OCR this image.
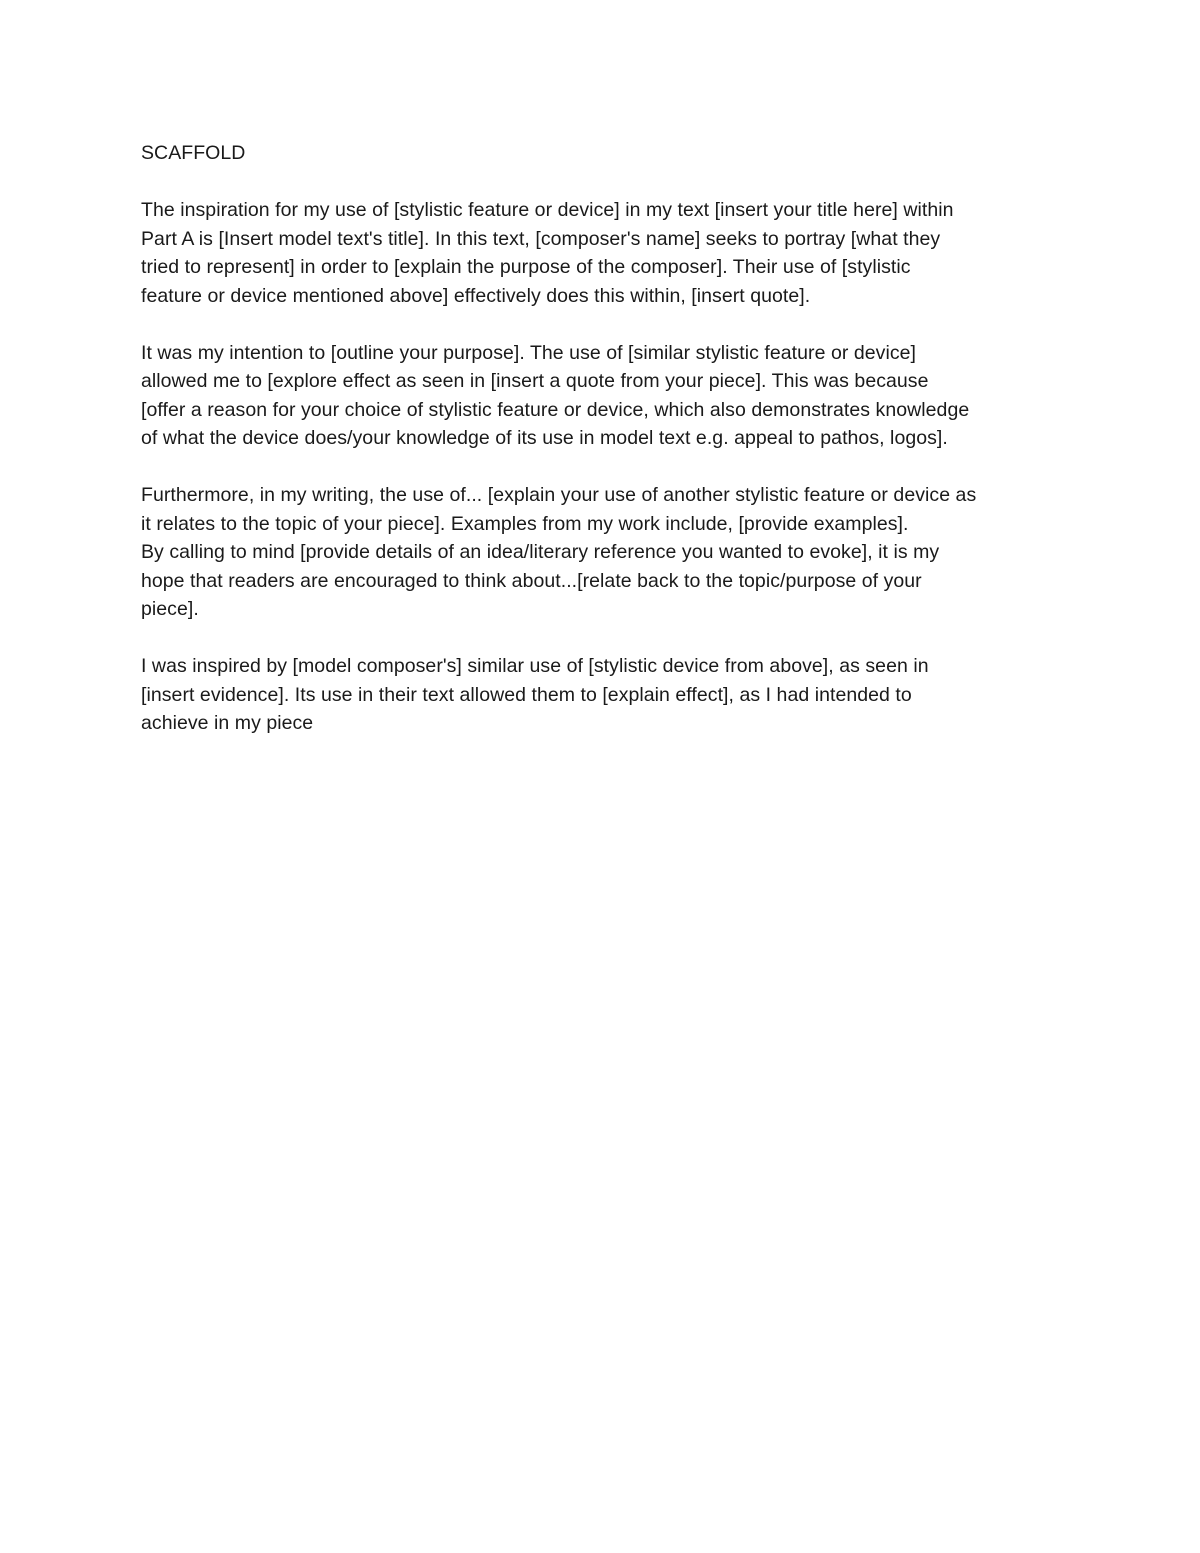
SCAFFOLD
The inspiration for my use of [stylistic feature or device] in my text [insert your title here] within
Part A is [Insert model text's title]. In this text, [composer's name] seeks to portray [what they
tried to represent] in order to [explain the purpose of the composer]. Their use of [stylistic
feature or device mentioned above] effectively does this within, [insert quote].
It was my intention to [outline your purpose]. The use of [similar stylistic feature or device]
allowed me to [explore effect as seen in [insert a quote from your piece]. This was because
[offer a reason for your choice of stylistic feature or device, which also demonstrates knowledge
of what the device does/your knowledge of its use in model text e.g. appeal to pathos, logos].
Furthermore, in my writing, the use of... [explain your use of another stylistic feature or device as
it relates to the topic of your piece]. Examples from my work include, [provide examples].
By calling to mind [provide details of an idea/literary reference you wanted to evoke], it is my
hope that readers are encouraged to think about...[relate back to the topic/purpose of your
piece].
I was inspired by [model composer's] similar use of [stylistic device from above], as seen in
[insert evidence]. Its use in their text allowed them to [explain effect], as I had intended to
achieve in my piece
